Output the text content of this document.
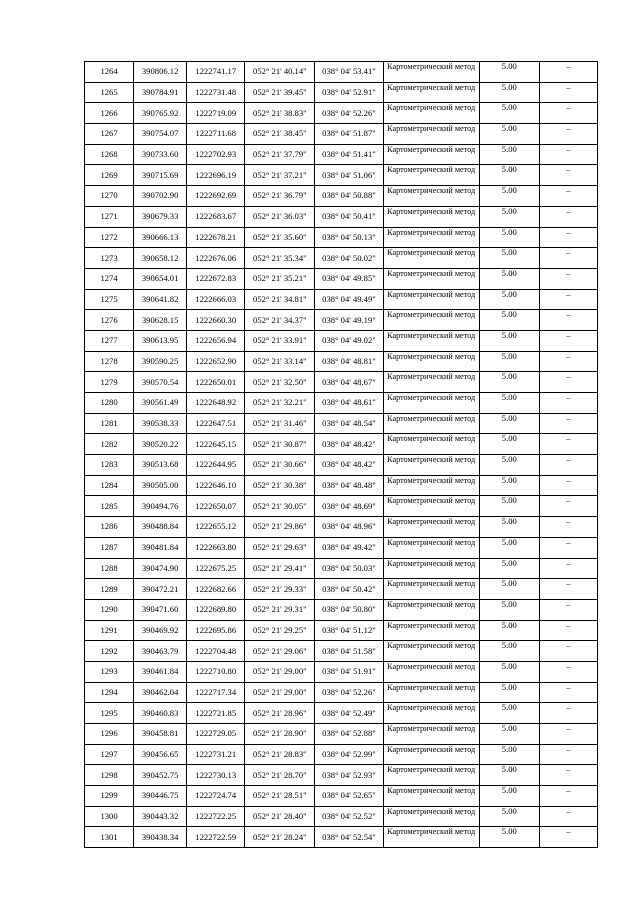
1264	390806.12	1222741.17	052° 21' 40.14"	038° 04' 53.41"	Картометрический метод	5.00	–
1265	390784.91	1222731.48	052° 21' 39.45"	038° 04' 52.91"	Картометрический метод	5.00	–
1266	390765.92	1222719.09	052° 21' 38.83"	038° 04' 52.26"	Картометрический метод	5.00	–
1267	390754.07	1222711.68	052° 21' 38.45"	038° 04' 51.87"	Картометрический метод	5.00	–
1268	390733.60	1222702.93	052° 21' 37.79"	038° 04' 51.41"	Картометрический метод	5.00	–
1269	390715.69	1222696.19	052° 21' 37.21"	038° 04' 51.06"	Картометрический метод	5.00	–
1270	390702.90	1222692.69	052° 21' 36.79"	038° 04' 50.88"	Картометрический метод	5.00	–
1271	390679.33	1222683.67	052° 21' 36.03"	038° 04' 50.41"	Картометрический метод	5.00	–
1272	390666.13	1222678.21	052° 21' 35.60"	038° 04' 50.13"	Картометрический метод	5.00	–
1273	390658.12	1222676.06	052° 21' 35.34"	038° 04' 50.02"	Картометрический метод	5.00	–
1274	390654.01	1222672.83	052° 21' 35.21"	038° 04' 49.85"	Картометрический метод	5.00	–
1275	390641.82	1222666.03	052° 21' 34.81"	038° 04' 49.49"	Картометрический метод	5.00	–
1276	390628.15	1222660.30	052° 21' 34.37"	038° 04' 49.19"	Картометрический метод	5.00	–
1277	390613.95	1222656.94	052° 21' 33.91"	038° 04' 49.02"	Картометрический метод	5.00	–
1278	390590.25	1222652.90	052° 21' 33.14"	038° 04' 48.81"	Картометрический метод	5.00	–
1279	390570.54	1222650.01	052° 21' 32.50"	038° 04' 48.67"	Картометрический метод	5.00	–
1280	390561.49	1222648.92	052° 21' 32.21"	038° 04' 48.61"	Картометрический метод	5.00	–
1281	390538.33	1222647.51	052° 21' 31.46"	038° 04' 48.54"	Картометрический метод	5.00	–
1282	390520.22	1222645.15	052° 21' 30.87"	038° 04' 48.42"	Картометрический метод	5.00	–
1283	390513.68	1222644.95	052° 21' 30.66"	038° 04' 48.42"	Картометрический метод	5.00	–
1284	390505.00	1222646.10	052° 21' 30.38"	038° 04' 48.48"	Картометрический метод	5.00	–
1285	390494.76	1222650.07	052° 21' 30.05"	038° 04' 48.69"	Картометрический метод	5.00	–
1286	390488.84	1222655.12	052° 21' 29.86"	038° 04' 48.96"	Картометрический метод	5.00	–
1287	390481.84	1222663.80	052° 21' 29.63"	038° 04' 49.42"	Картометрический метод	5.00	–
1288	390474.90	1222675.25	052° 21' 29.41"	038° 04' 50.03"	Картометрический метод	5.00	–
1289	390472.21	1222682.66	052° 21' 29.33"	038° 04' 50.42"	Картометрический метод	5.00	–
1290	390471.60	1222689.80	052° 21' 29.31"	038° 04' 50.80"	Картометрический метод	5.00	–
1291	390469.92	1222695.86	052° 21' 29.25"	038° 04' 51.12"	Картометрический метод	5.00	–
1292	390463.79	1222704.48	052° 21' 29.06"	038° 04' 51.58"	Картометрический метод	5.00	–
1293	390461.84	1222710.80	052° 21' 29.00"	038° 04' 51.91"	Картометрический метод	5.00	–
1294	390462.04	1222717.34	052° 21' 29.00"	038° 04' 52.26"	Картометрический метод	5.00	–
1295	390460.83	1222721.85	052° 21' 28.96"	038° 04' 52.49"	Картометрический метод	5.00	–
1296	390458.81	1222729.05	052° 21' 28.90"	038° 04' 52.88"	Картометрический метод	5.00	–
1297	390456.65	1222731.21	052° 21' 28.83"	038° 04' 52.99"	Картометрический метод	5.00	–
1298	390452.75	1222730.13	052° 21' 28.70"	038° 04' 52.93"	Картометрический метод	5.00	–
1299	390446.75	1222724.74	052° 21' 28.51"	038° 04' 52.65"	Картометрический метод	5.00	–
1300	390443.32	1222722.25	052° 21' 28.40"	038° 04' 52.52"	Картометрический метод	5.00	–
1301	390438.34	1222722.59	052° 21' 28.24"	038° 04' 52.54"	Картометрический метод	5.00	–
